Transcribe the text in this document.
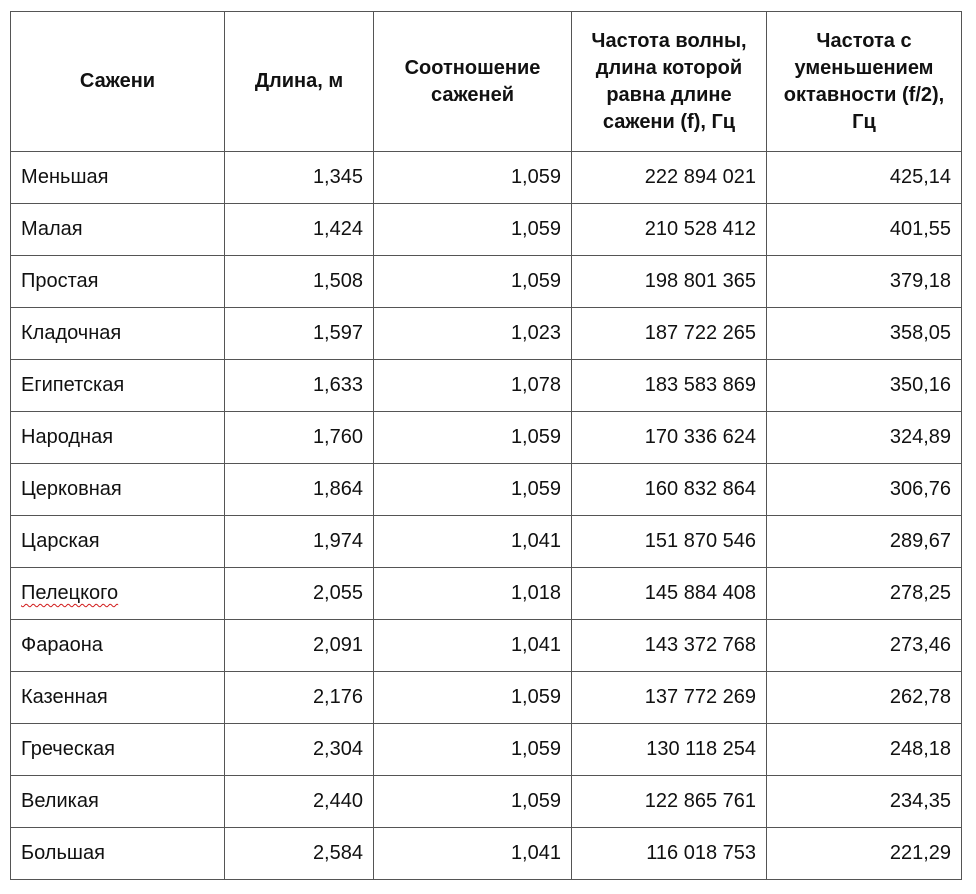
Сажени	Длина, м	Соотношение саженей	Частота волны, длина которой равна длине сажени (f), Гц	Частота с уменьшением октавности (f/2), Гц
Меньшая	1,345	1,059	222 894 021	425,14
Малая	1,424	1,059	210 528 412	401,55
Простая	1,508	1,059	198 801 365	379,18
Кладочная	1,597	1,023	187 722 265	358,05
Египетская	1,633	1,078	183 583 869	350,16
Народная	1,760	1,059	170 336 624	324,89
Церковная	1,864	1,059	160 832 864	306,76
Царская	1,974	1,041	151 870 546	289,67
Пелецкого	2,055	1,018	145 884 408	278,25
Фараона	2,091	1,041	143 372 768	273,46
Казенная	2,176	1,059	137 772 269	262,78
Греческая	2,304	1,059	130 118 254	248,18
Великая	2,440	1,059	122 865 761	234,35
Большая	2,584	1,041	116 018 753	221,29
